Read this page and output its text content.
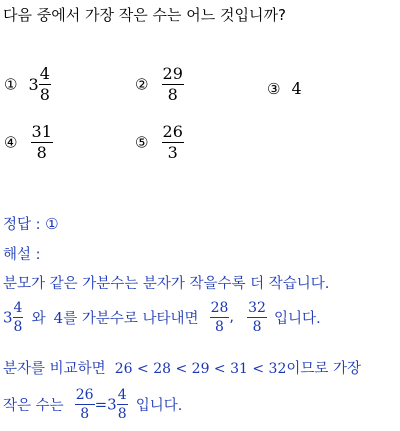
다음 중에서 가장 작은 수는 어느 것입니까?
① $3 \frac{4}{8}$	② $\frac{29}{8}$	③ 4
④ $\frac{31}{8}$	⑤ $\frac{26}{3}$
정답 : ①
해설 :
분모가 같은 가분수는 분자가 작을수록 더 작습니다.
$3 \frac{4}{8}$ 와 4를 가분수로 나타내면 $\frac{28}{8}$ , $\frac{32}{8}$ 입니다.
분자를 비교하면 26 < 28 < 29 < 31 < 32이므로 가장
작은 수는 $\frac{26}{8} =3 \frac{4}{8}$ 입니다.
